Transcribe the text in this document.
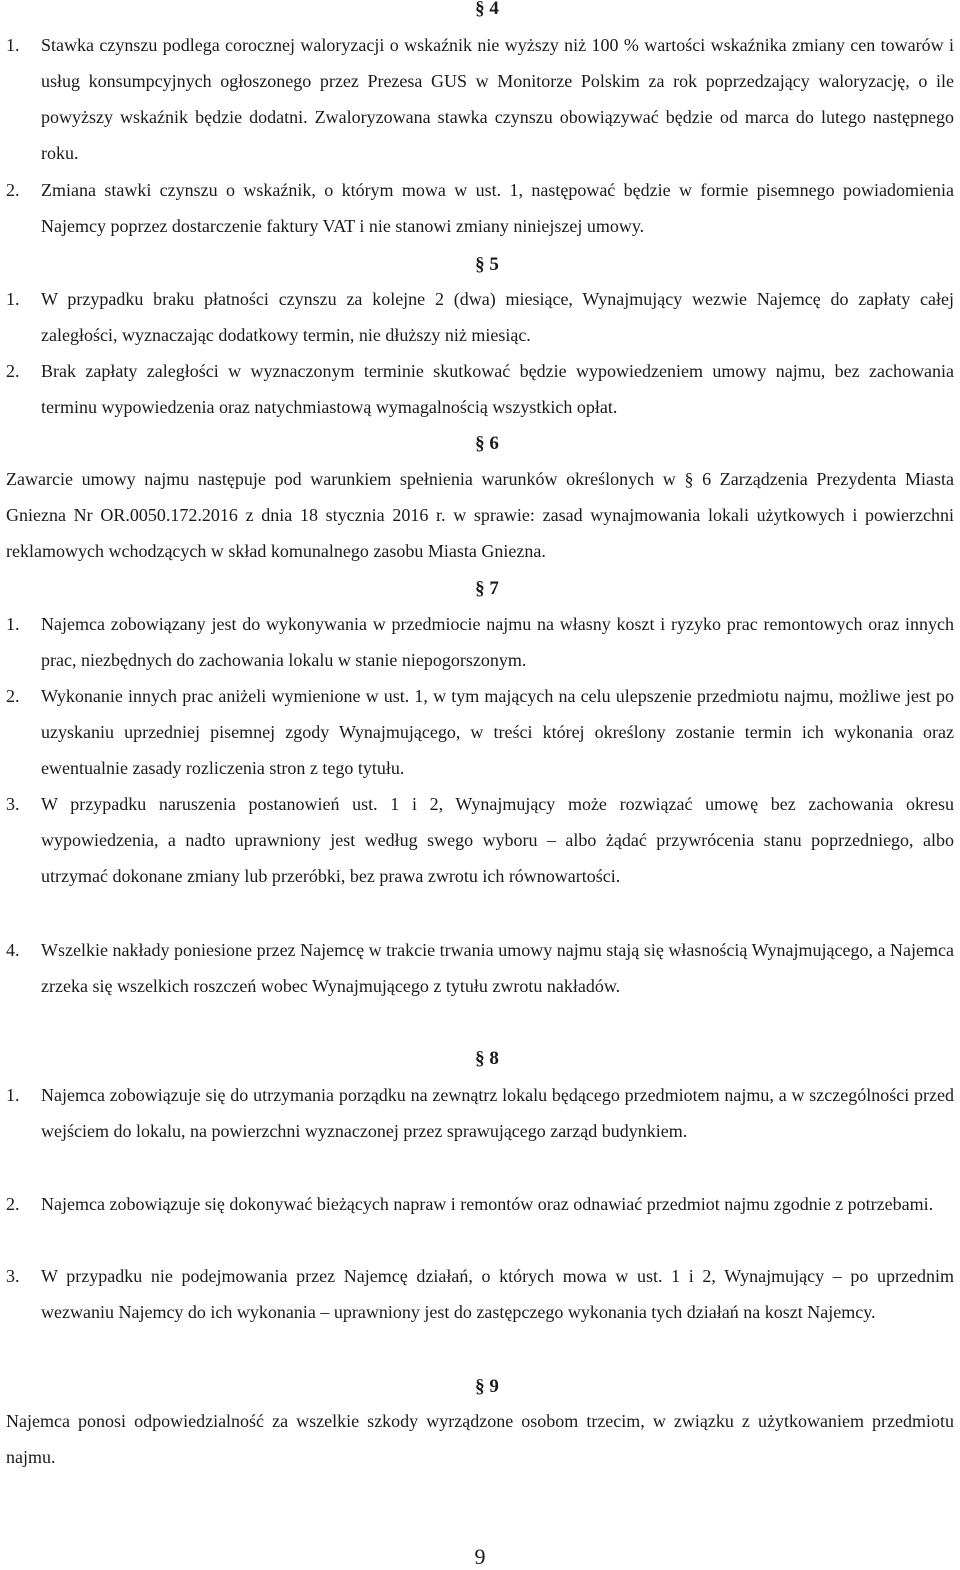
§ 4
1. Stawka czynszu podlega corocznej waloryzacji o wskaźnik nie wyższy niż 100 % wartości wskaźnika zmiany cen towarów i usług konsumpcyjnych ogłoszonego przez Prezesa GUS w Monitorze Polskim za rok poprzedzający waloryzację, o ile powyższy wskaźnik będzie dodatni. Zwaloryzowana stawka czynszu obowiązywać będzie od marca do lutego następnego roku.
2. Zmiana stawki czynszu o wskaźnik, o którym mowa w ust. 1, następować będzie w formie pisemnego powiadomienia Najemcy poprzez dostarczenie faktury VAT i nie stanowi zmiany niniejszej umowy.
§ 5
1. W przypadku braku płatności czynszu za kolejne 2 (dwa) miesiące, Wynajmujący wezwie Najemcę do zapłaty całej zaległości, wyznaczając dodatkowy termin, nie dłuższy niż miesiąc.
2. Brak zapłaty zaległości w wyznaczonym terminie skutkować będzie wypowiedzeniem umowy najmu, bez zachowania terminu wypowiedzenia oraz natychmiastową wymagalnością wszystkich opłat.
§ 6
Zawarcie umowy najmu następuje pod warunkiem spełnienia warunków określonych w § 6 Zarządzenia Prezydenta Miasta Gniezna Nr OR.0050.172.2016 z dnia 18 stycznia 2016 r. w sprawie: zasad wynajmowania lokali użytkowych i powierzchni reklamowych wchodzących w skład komunalnego zasobu Miasta Gniezna.
§ 7
1. Najemca zobowiązany jest do wykonywania w przedmiocie najmu na własny koszt i ryzyko prac remontowych oraz innych prac, niezbędnych do zachowania lokalu w stanie niepogorszonym.
2. Wykonanie innych prac aniżeli wymienione w ust. 1, w tym mających na celu ulepszenie przedmiotu najmu, możliwe jest po uzyskaniu uprzedniej pisemnej zgody Wynajmującego, w treści której określony zostanie termin ich wykonania oraz ewentualnie zasady rozliczenia stron z tego tytułu.
3. W przypadku naruszenia postanowień ust. 1 i 2, Wynajmujący może rozwiązać umowę bez zachowania okresu wypowiedzenia, a nadto uprawniony jest według swego wyboru – albo żądać przywrócenia stanu poprzedniego, albo utrzymać dokonane zmiany lub przeróbki, bez prawa zwrotu ich równowartości.
4. Wszelkie nakłady poniesione przez Najemcę w trakcie trwania umowy najmu stają się własnością Wynajmującego, a Najemca zrzeka się wszelkich roszczeń wobec Wynajmującego z tytułu zwrotu nakładów.
§ 8
1. Najemca zobowiązuje się do utrzymania porządku na zewnątrz lokalu będącego przedmiotem najmu, a w szczególności przed wejściem do lokalu, na powierzchni wyznaczonej przez sprawującego zarząd budynkiem.
2. Najemca zobowiązuje się dokonywać bieżących napraw i remontów oraz odnawiać przedmiot najmu zgodnie z potrzebami.
3. W przypadku nie podejmowania przez Najemcę działań, o których mowa w ust. 1 i 2, Wynajmujący – po uprzednim wezwaniu Najemcy do ich wykonania – uprawniony jest do zastępczego wykonania tych działań na koszt Najemcy.
§ 9
Najemca ponosi odpowiedzialność za wszelkie szkody wyrządzone osobom trzecim, w związku z użytkowaniem przedmiotu najmu.
9
